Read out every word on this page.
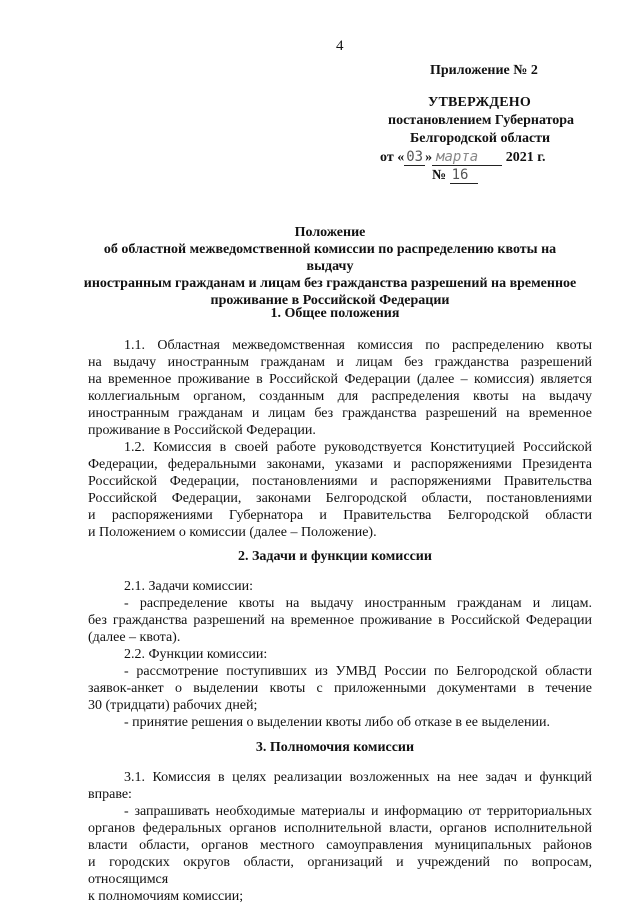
4
Приложение № 2
УТВЕРЖДЕНО
постановлением Губернатора
Белгородской области
от « 03 » марта 2021 г.
№ 16
Положение
об областной межведомственной комиссии по распределению квоты на выдачу
иностранным гражданам и лицам без гражданства разрешений на временное
проживание в Российской Федерации
1. Общее положения
1.1. Областная межведомственная комиссия по распределению квоты
на выдачу иностранным гражданам и лицам без гражданства разрешений
на временное проживание в Российской Федерации (далее – комиссия) является
коллегиальным органом, созданным для распределения квоты на выдачу
иностранным гражданам и лицам без гражданства разрешений на временное
проживание в Российской Федерации.
1.2. Комиссия в своей работе руководствуется Конституцией Российской
Федерации, федеральными законами, указами и распоряжениями Президента
Российской Федерации, постановлениями и распоряжениями Правительства
Российской Федерации, законами Белгородской области, постановлениями
и распоряжениями Губернатора и Правительства Белгородской области
и Положением о комиссии (далее – Положение).
2. Задачи и функции комиссии
2.1. Задачи комиссии:
- распределение квоты на выдачу иностранным гражданам и лицам.
без гражданства разрешений на временное проживание в Российской Федерации
(далее – квота).
2.2. Функции комиссии:
- рассмотрение поступивших из УМВД России по Белгородской области
заявок-анкет о выделении квоты с приложенными документами в течение
30 (тридцати) рабочих дней;
- принятие решения о выделении квоты либо об отказе в ее выделении.
3. Полномочия комиссии
3.1. Комиссия в целях реализации возложенных на нее задач и функций вправе:
- запрашивать необходимые материалы и информацию от территориальных
органов федеральных органов исполнительной власти, органов исполнительной
власти области, органов местного самоуправления муниципальных районов
и городских округов области, организаций и учреждений по вопросам, относящимся
к полномочиям комиссии;
